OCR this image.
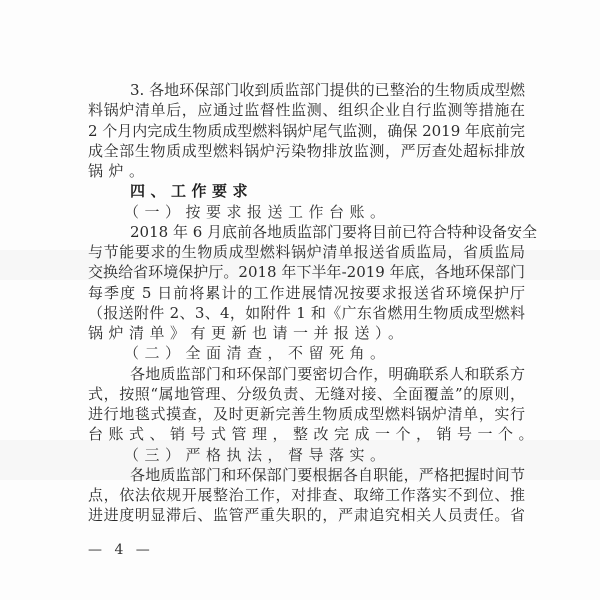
3. 各地环保部门收到质监部门提供的已整治的生物质成型燃
料锅炉清单后，应通过监督性监测、组织企业自行监测等措施在
2 个月内完成生物质成型燃料锅炉尾气监测，确保 2019 年底前完
成全部生物质成型燃料锅炉污染物排放监测，严厉查处超标排放
锅炉。
四、工作要求
（一）按要求报送工作台账。
2018 年 6 月底前各地质监部门要将目前已符合特种设备安全
与节能要求的生物质成型燃料锅炉清单报送省质监局，省质监局
交换给省环境保护厅。2018 年下半年-2019 年底，各地环保部门
每季度 5 日前将累计的工作进展情况按要求报送省环境保护厅
（报送附件 2、3、4，如附件 1 和《广东省燃用生物质成型燃料
锅炉清单》有更新也请一并报送）。
（二）全面清查，不留死角。
各地质监部门和环保部门要密切合作，明确联系人和联系方
式，按照“属地管理、分级负责、无缝对接、全面覆盖”的原则，
进行地毯式摸查，及时更新完善生物质成型燃料锅炉清单，实行
台账式、销号式管理，整改完成一个，销号一个。
（三）严格执法，督导落实。
各地质监部门和环保部门要根据各自职能，严格把握时间节
点，依法依规开展整治工作，对排查、取缔工作落实不到位、推
进进度明显滞后、监管严重失职的，严肃追究相关人员责任。省
— 4 —
